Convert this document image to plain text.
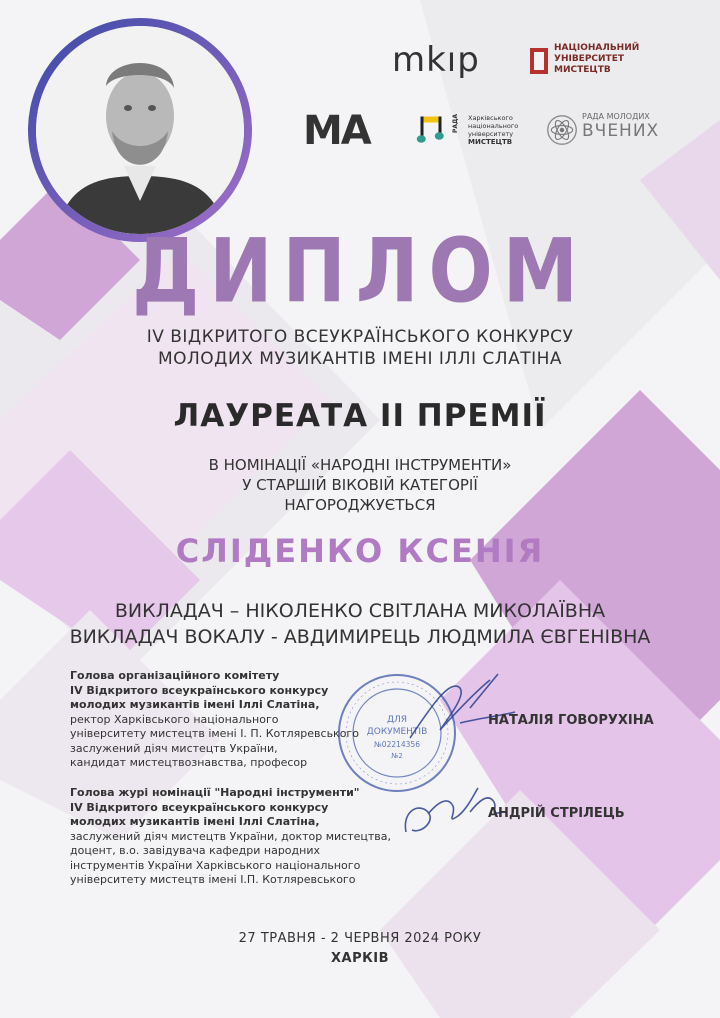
mkıp	НАЦІОНАЛЬНИЙ
УНІВЕРСИТЕТ
МИСТЕЦТВ
MA	РАДА Харківського
національного
університету
МИСТЕЦТВ
РАДА МОЛОДИХ
ВЧЕНИХ
ДИПЛОМ
IV ВІДКРИТОГО ВСЕУКРАЇНСЬКОГО КОНКУРСУ
МОЛОДИХ МУЗИКАНТІВ ІМЕНІ ІЛЛІ СЛАТІНА
ЛАУРЕАТА ІІ ПРЕМІЇ
В НОМІНАЦІЇ «НАРОДНІ ІНСТРУМЕНТИ»
У СТАРШІЙ ВІКОВІЙ КАТЕГОРІЇ
НАГОРОДЖУЄТЬСЯ
СЛІДЕНКО КСЕНІЯ
ВИКЛАДАЧ – НІКОЛЕНКО СВІТЛАНА МИКОЛАЇВНА
ВИКЛАДАЧ ВОКАЛУ - АВДИМИРЕЦЬ ЛЮДМИЛА ЄВГЕНІВНА
ДЛЯ
ДОКУМЕНТІВ
№02214356
№2
Голова організаційного комітету
IV Відкритого всеукраїнського конкурсу
молодих музикантів імені Іллі Слатіна,
ректор Харківського національного
університету мистецтв імені І. П. Котляревського
заслужений діяч мистецтв України,
кандидат мистецтвознавства, професор
НАТАЛІЯ ГОВОРУХІНА
Голова журі номінації "Народні інструменти"
IV Відкритого всеукраїнського конкурсу
молодих музикантів імені Іллі Слатіна,
заслужений діяч мистецтв України, доктор мистецтва,
доцент, в.о. завідувача кафедри народних
інструментів України Харківського національного
університету мистецтв імені І.П. Котляревського
АНДРІЙ СТРІЛЕЦЬ
27 ТРАВНЯ - 2 ЧЕРВНЯ 2024 РОКУ
ХАРКІВ
